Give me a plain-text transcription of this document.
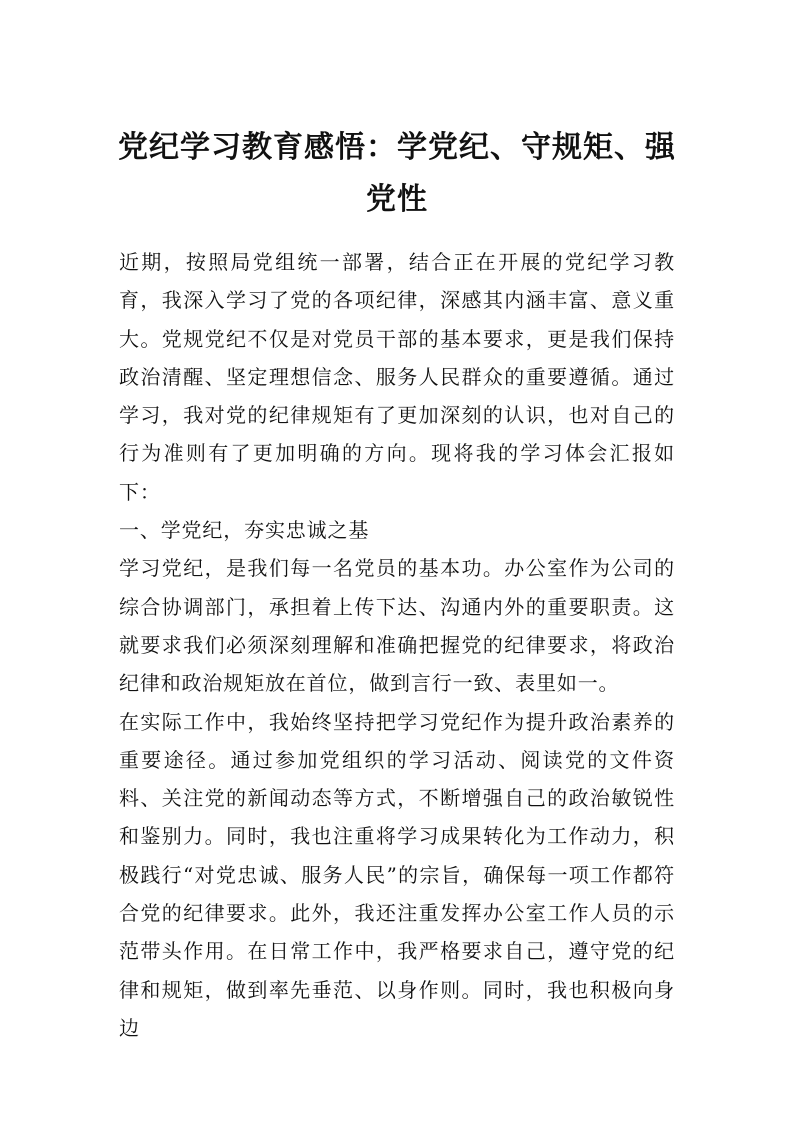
党纪学习教育感悟：学党纪、守规矩、强党性

近期，按照局党组统一部署，结合正在开展的党纪学习教育，我深入学习了党的各项纪律，深感其内涵丰富、意义重大。党规党纪不仅是对党员干部的基本要求，更是我们保持政治清醒、坚定理想信念、服务人民群众的重要遵循。通过学习，我对党的纪律规矩有了更加深刻的认识，也对自己的行为准则有了更加明确的方向。现将我的学习体会汇报如下：

一、学党纪，夯实忠诚之基

学习党纪，是我们每一名党员的基本功。办公室作为公司的综合协调部门，承担着上传下达、沟通内外的重要职责。这就要求我们必须深刻理解和准确把握党的纪律要求，将政治纪律和政治规矩放在首位，做到言行一致、表里如一。

在实际工作中，我始终坚持把学习党纪作为提升政治素养的重要途径。通过参加党组织的学习活动、阅读党的文件资料、关注党的新闻动态等方式，不断增强自己的政治敏锐性和鉴别力。同时，我也注重将学习成果转化为工作动力，积极践行“对党忠诚、服务人民”的宗旨，确保每一项工作都符合党的纪律要求。此外，我还注重发挥办公室工作人员的示范带头作用。在日常工作中，我严格要求自己，遵守党的纪律和规矩，做到率先垂范、以身作则。同时，我也积极向身边
